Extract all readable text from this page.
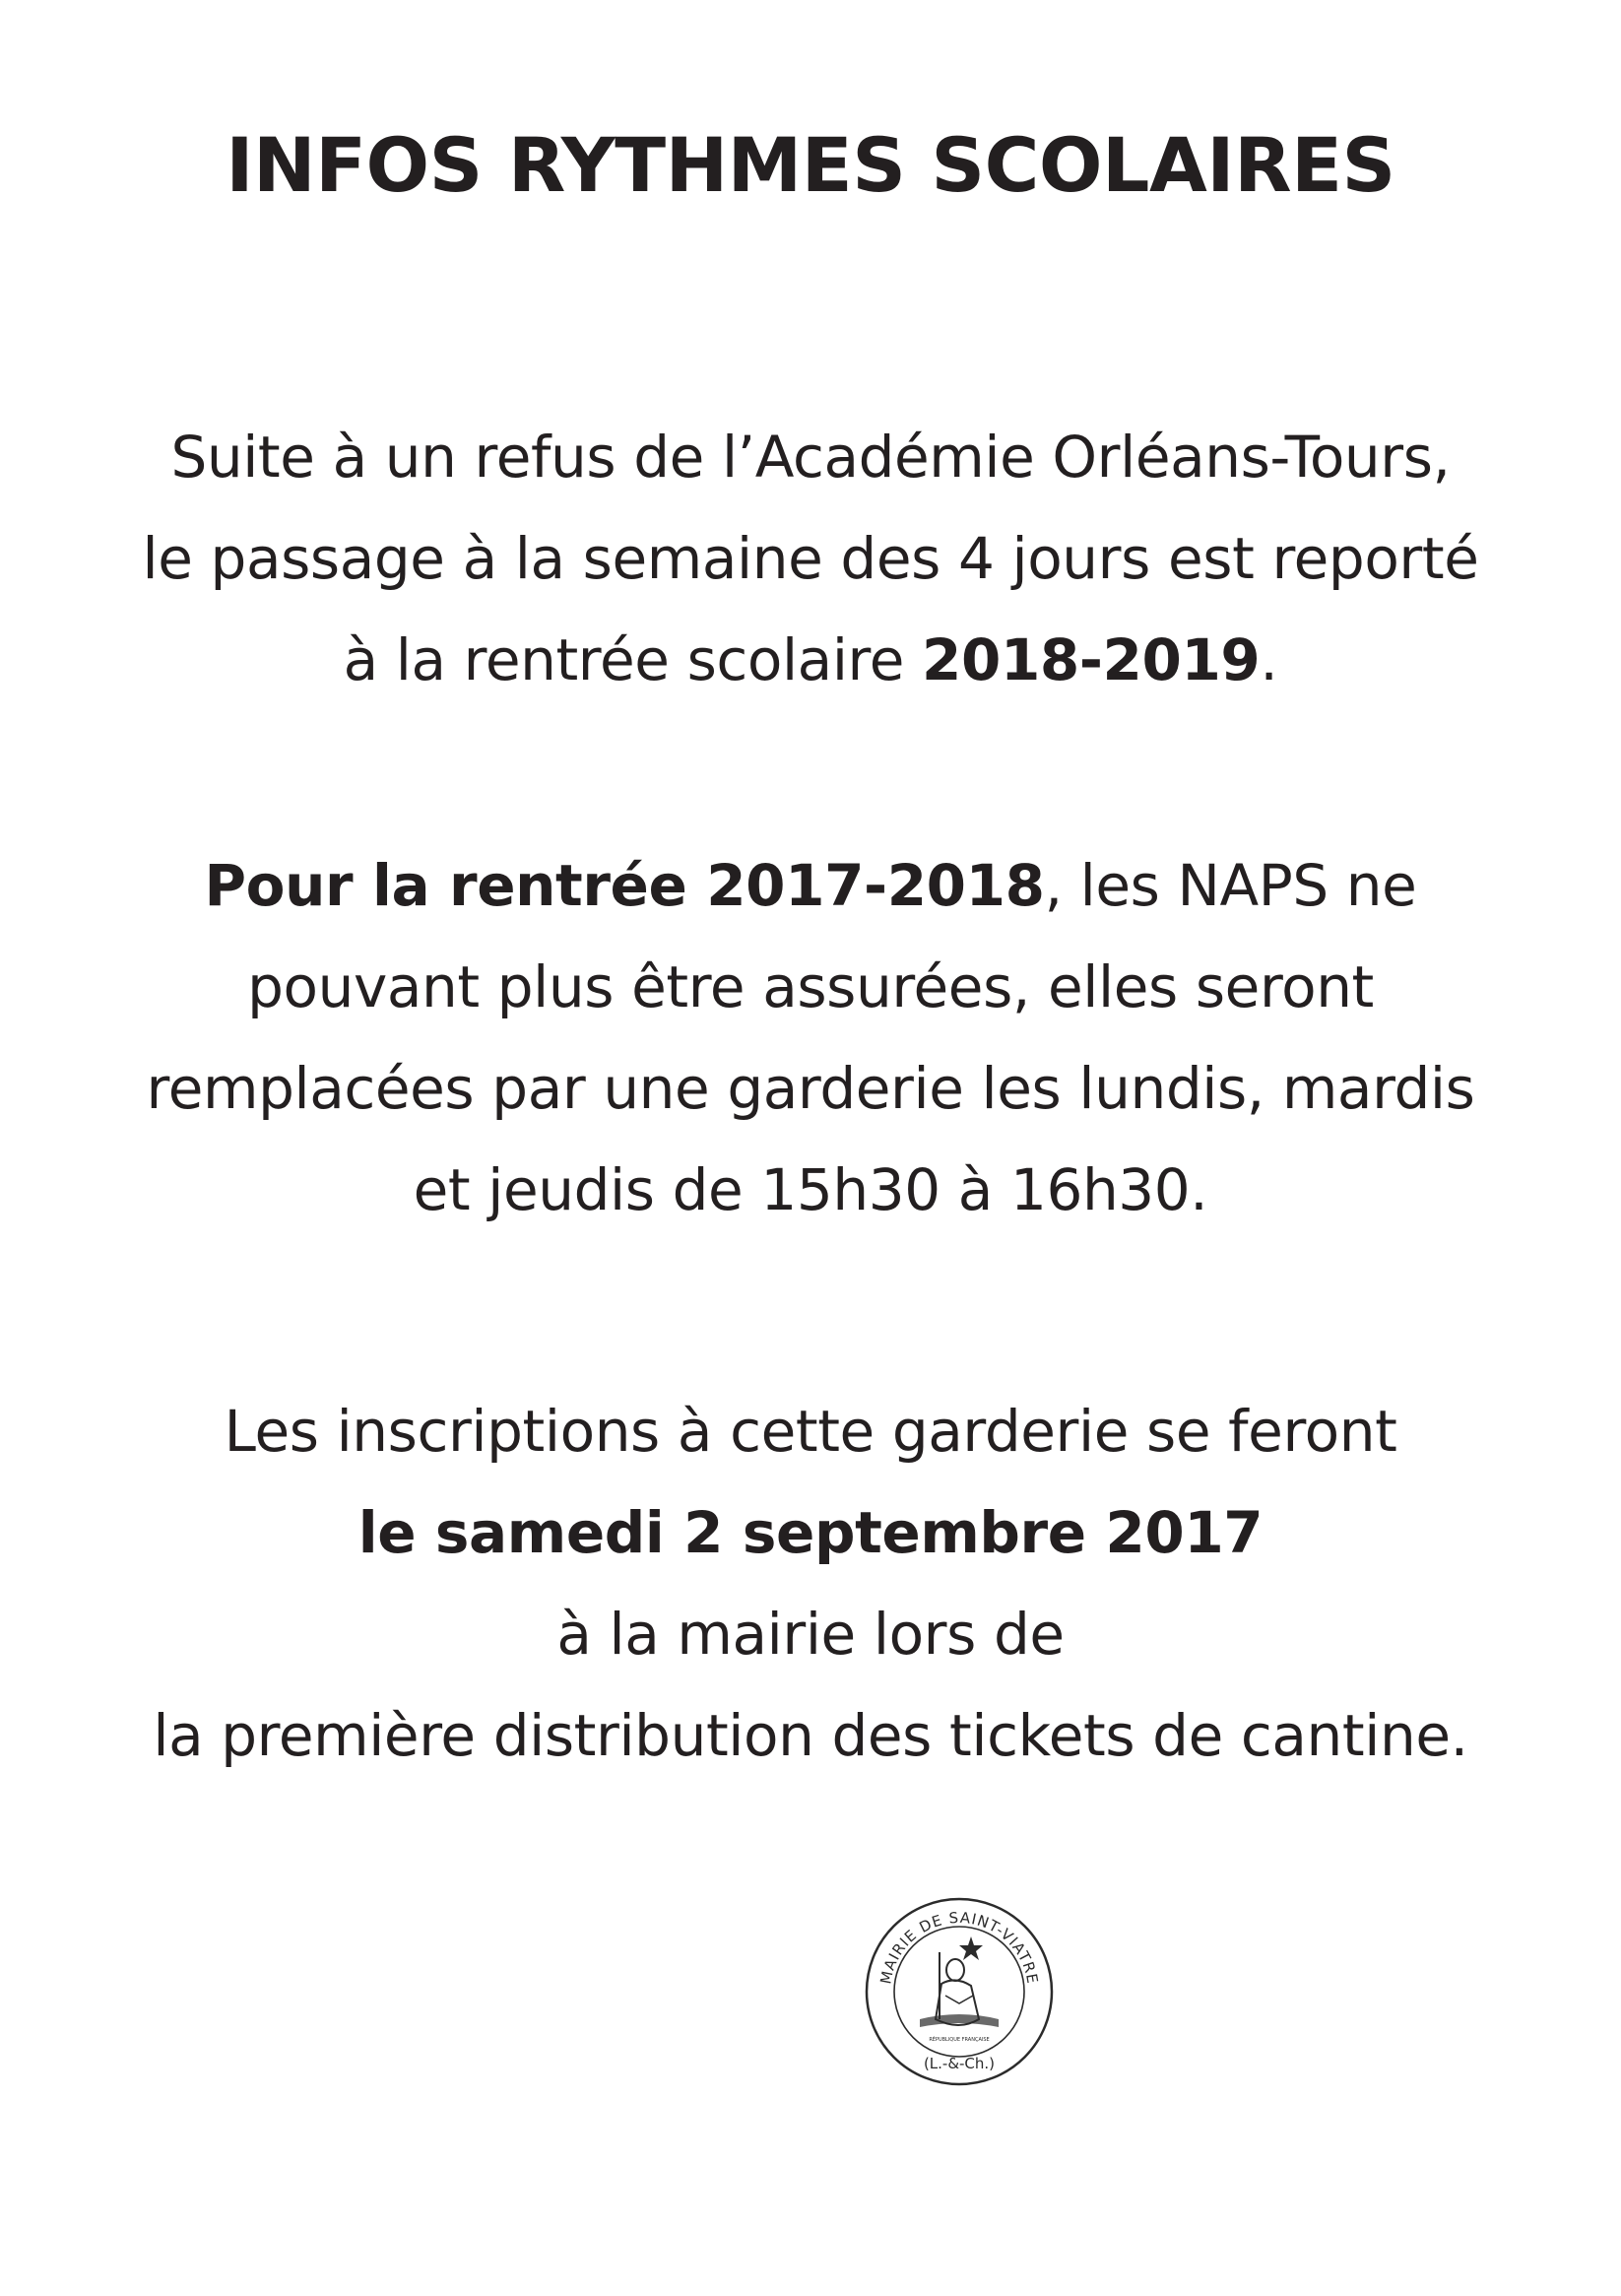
INFOS RYTHMES SCOLAIRES
Suite à un refus de l’Académie Orléans-Tours,
le passage à la semaine des 4 jours est reporté
à la rentrée scolaire 2018-2019.
Pour la rentrée 2017-2018, les NAPS ne
pouvant plus être assurées, elles seront
remplacées par une garderie les lundis, mardis
et jeudis de 15h30 à 16h30.
Les inscriptions à cette garderie se feront
le samedi 2 septembre 2017
à la mairie lors de
la première distribution des tickets de cantine.
MAIRIE DE SAINT-VIATRE
RÉPUBLIQUE FRANÇAISE
(L.-&-Ch.)
